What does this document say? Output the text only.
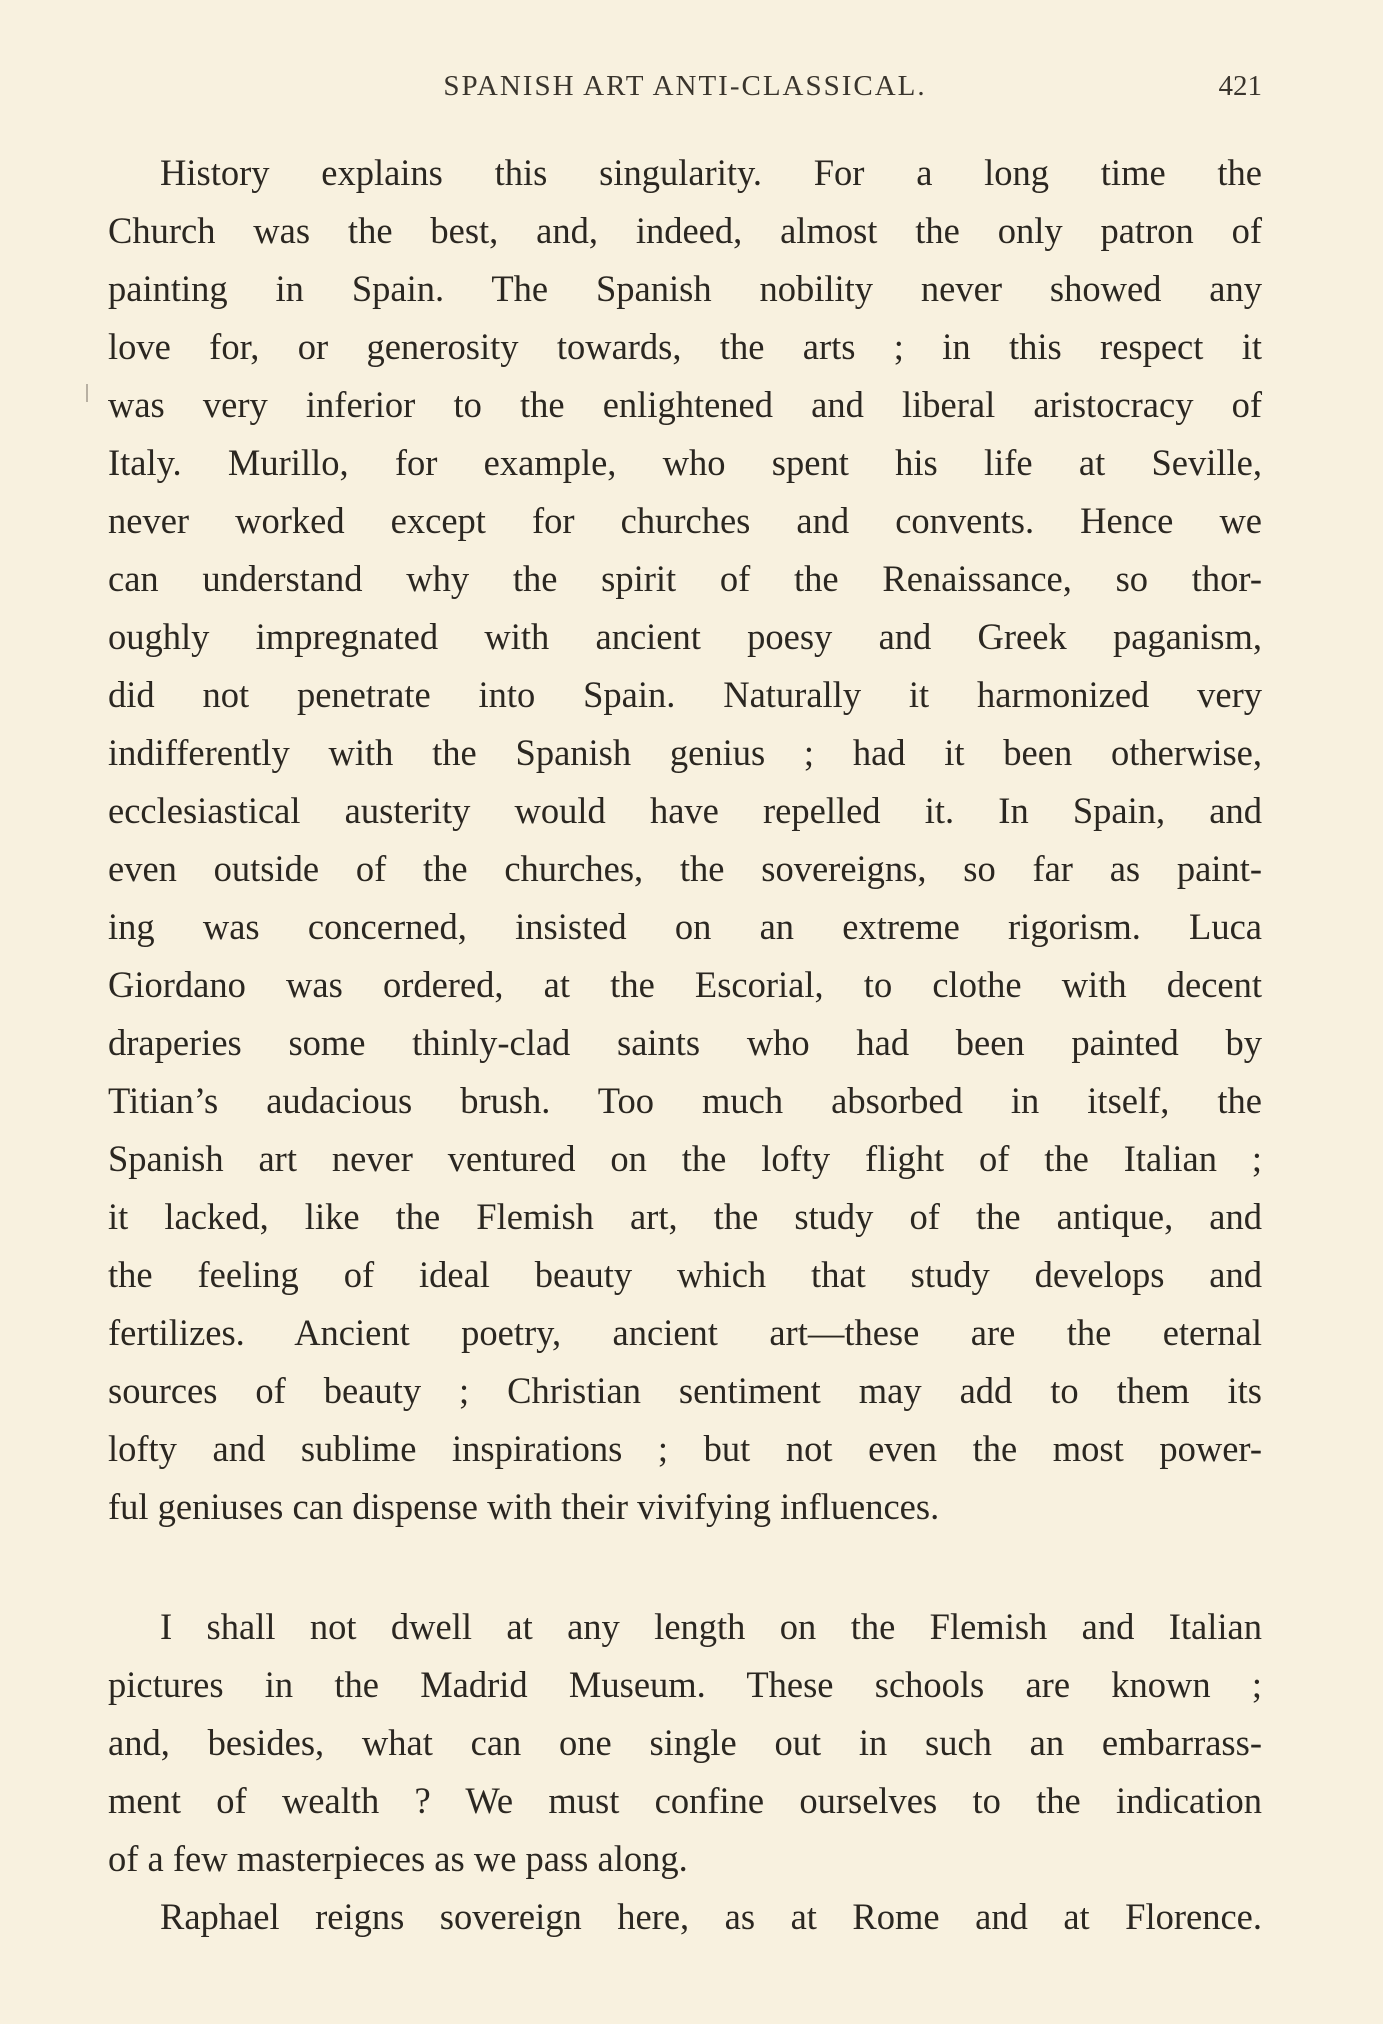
SPANISH ART ANTI-CLASSICAL.	421
History explains this singularity. For a long time the
Church was the best, and, indeed, almost the only patron of
painting in Spain. The Spanish nobility never showed any
love for, or generosity towards, the arts ; in this respect it
was very inferior to the enlightened and liberal aristocracy of
Italy. Murillo, for example, who spent his life at Seville,
never worked except for churches and convents. Hence we
can understand why the spirit of the Renaissance, so thor-
oughly impregnated with ancient poesy and Greek paganism,
did not penetrate into Spain. Naturally it harmonized very
indifferently with the Spanish genius ; had it been otherwise,
ecclesiastical austerity would have repelled it. In Spain, and
even outside of the churches, the sovereigns, so far as paint-
ing was concerned, insisted on an extreme rigorism. Luca
Giordano was ordered, at the Escorial, to clothe with decent
draperies some thinly-clad saints who had been painted by
Titian’s audacious brush. Too much absorbed in itself, the
Spanish art never ventured on the lofty flight of the Italian ;
it lacked, like the Flemish art, the study of the antique, and
the feeling of ideal beauty which that study develops and
fertilizes. Ancient poetry, ancient art—these are the eternal
sources of beauty ; Christian sentiment may add to them its
lofty and sublime inspirations ; but not even the most power-
ful geniuses can dispense with their vivifying influences.
I shall not dwell at any length on the Flemish and Italian
pictures in the Madrid Museum. These schools are known ;
and, besides, what can one single out in such an embarrass-
ment of wealth ? We must confine ourselves to the indication
of a few masterpieces as we pass along.
Raphael reigns sovereign here, as at Rome and at Florence.
